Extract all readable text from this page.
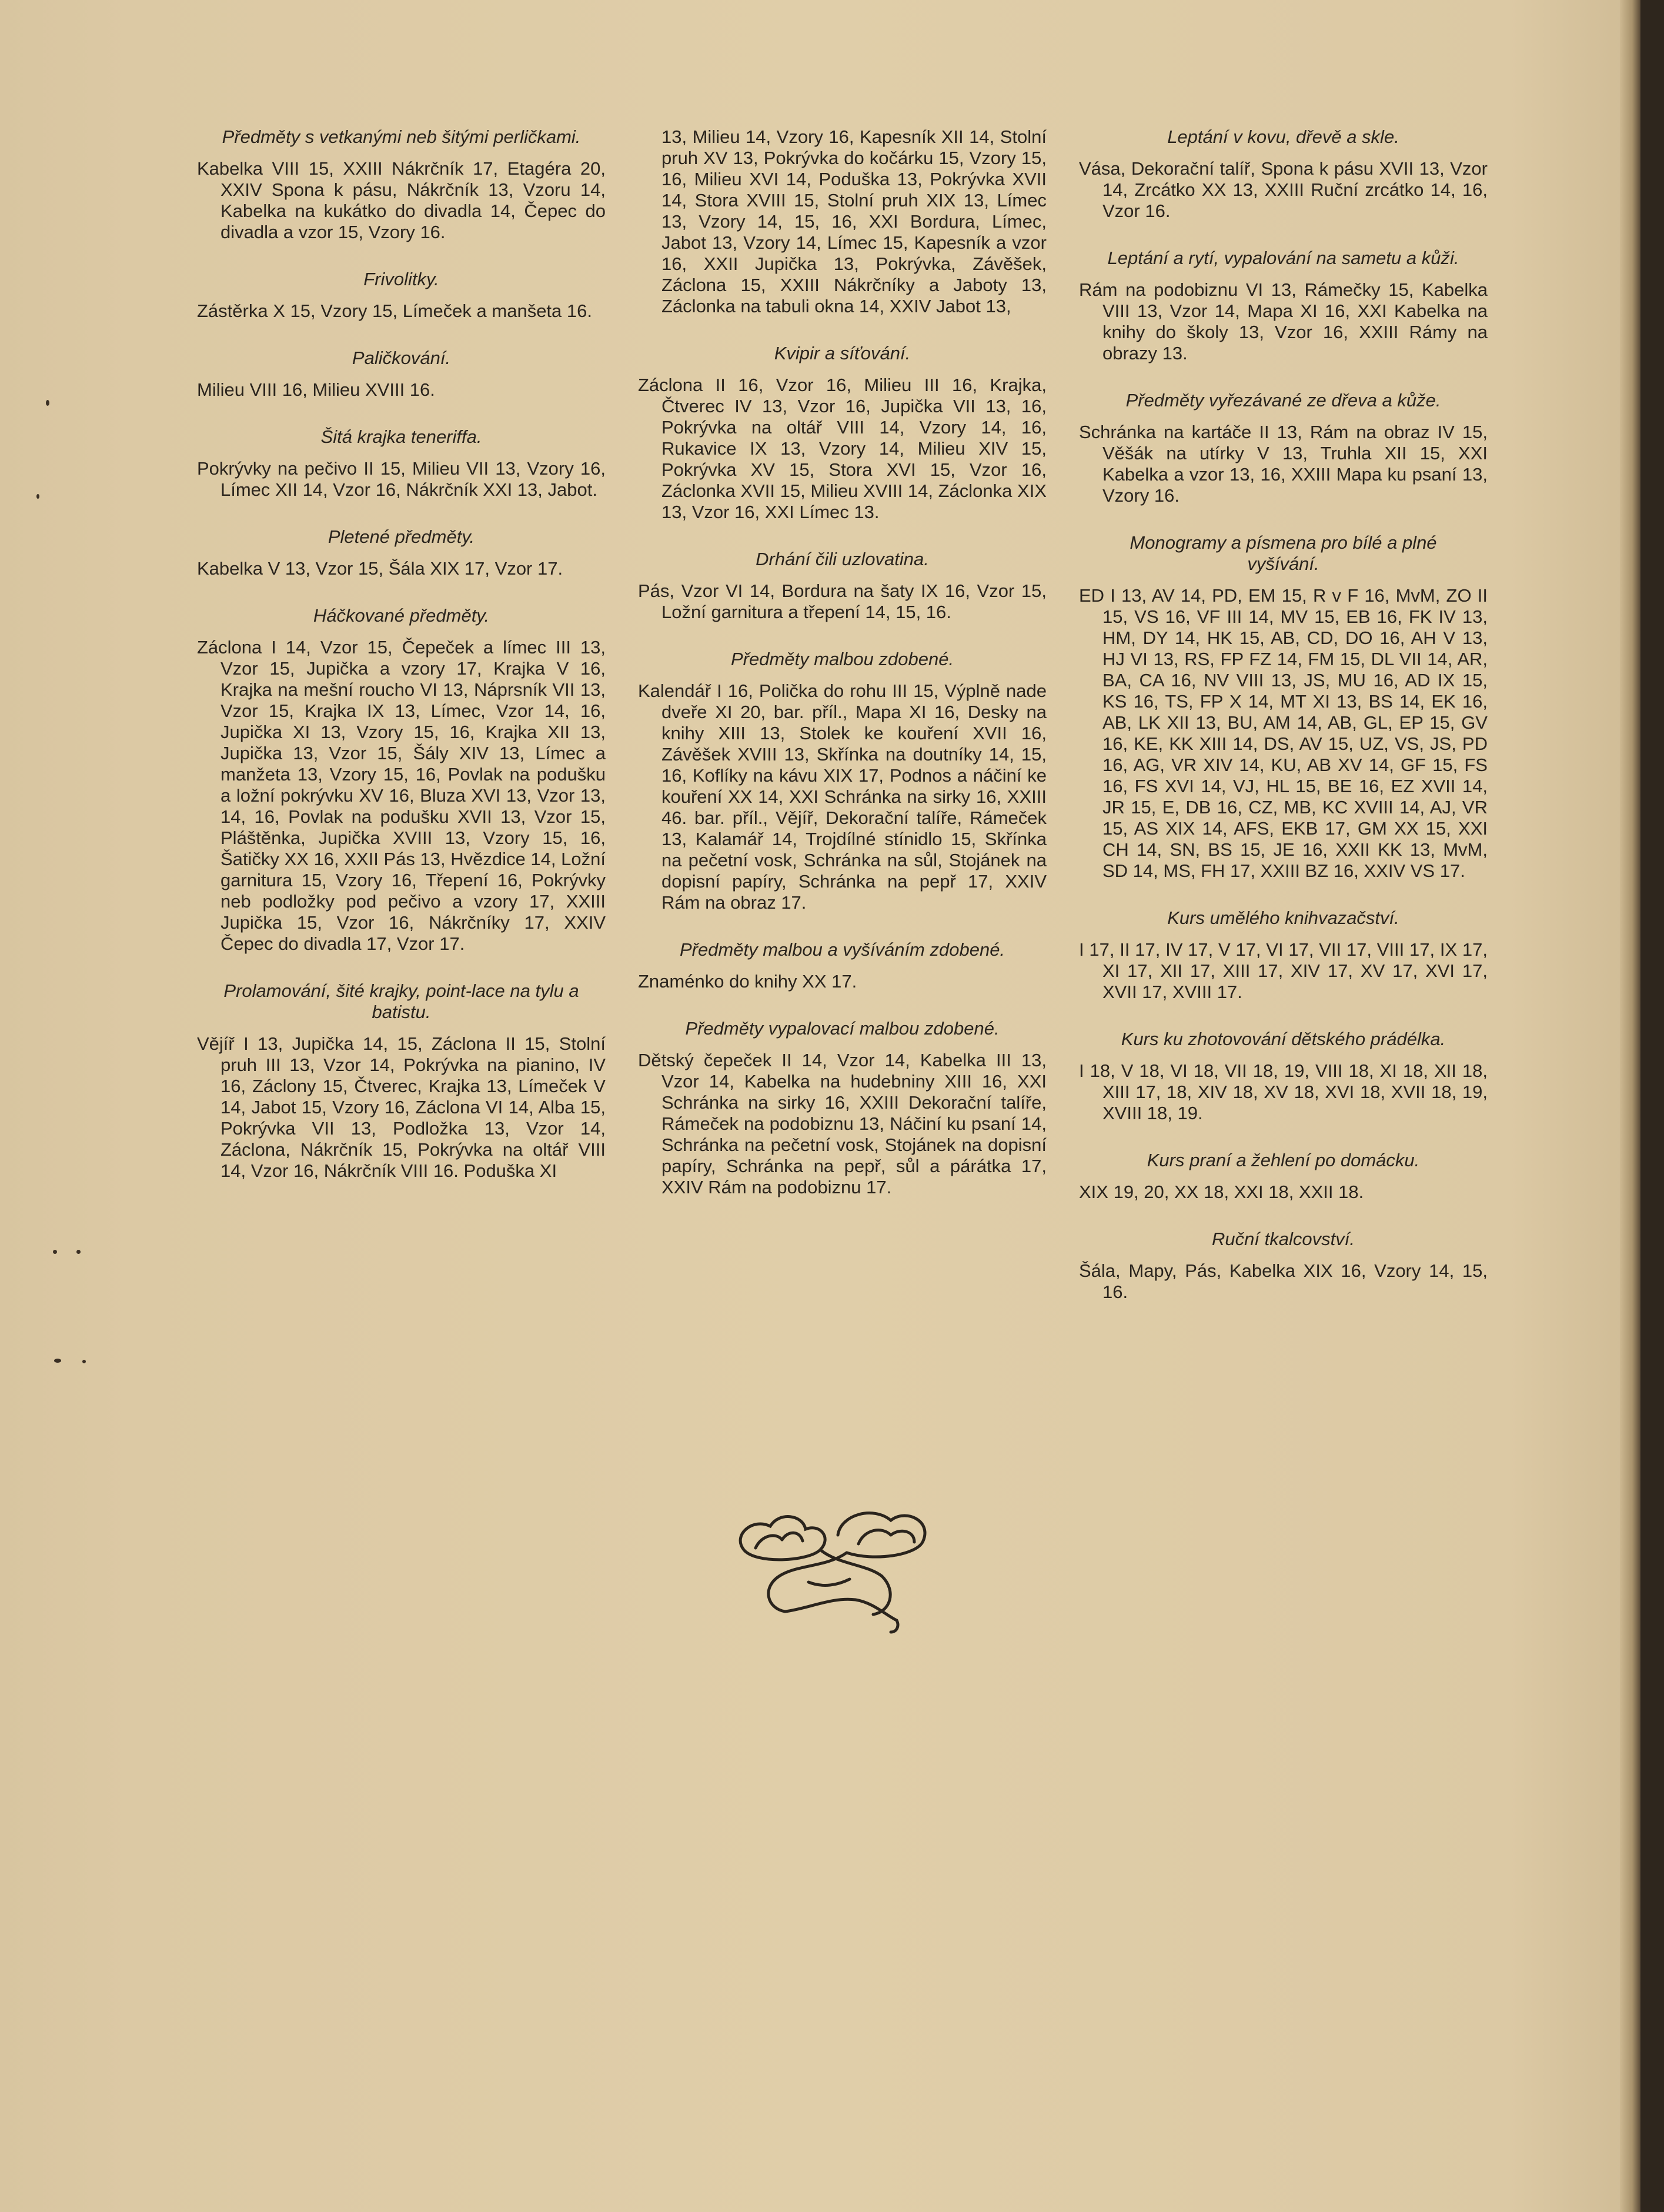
Předměty s vetkanými neb šitými perličkami.
Kabelka VIII 15, XXIII Nákrčník 17, Etagéra 20, XXIV Spona k pásu, Nákrčník 13, Vzoru 14, Kabelka na kukátko do divadla 14, Čepec do divadla a vzor 15, Vzory 16.
Frivolitky.
Zástěrka X 15, Vzory 15, Límeček a manšeta 16.
Paličkování.
Milieu VIII 16, Milieu XVIII 16.
Šitá krajka teneriffa.
Pokrývky na pečivo II 15, Milieu VII 13, Vzory 16, Límec XII 14, Vzor 16, Nákrčník XXI 13, Jabot.
Pletené předměty.
Kabelka V 13, Vzor 15, Šála XIX 17, Vzor 17.
Háčkované předměty.
Záclona I 14, Vzor 15, Čepeček a límec III 13, Vzor 15, Jupička a vzory 17, Krajka V 16, Krajka na mešní roucho VI 13, Náprsník VII 13, Vzor 15, Krajka IX 13, Límec, Vzor 14, 16, Jupička XI 13, Vzory 15, 16, Krajka XII 13, Jupička 13, Vzor 15, Šály XIV 13, Límec a manžeta 13, Vzory 15, 16, Povlak na podušku a ložní pokrývku XV 16, Bluza XVI 13, Vzor 13, 14, 16, Povlak na podušku XVII 13, Vzor 15, Pláštěnka, Jupička XVIII 13, Vzory 15, 16, Šatičky XX 16, XXII Pás 13, Hvězdice 14, Ložní garnitura 15, Vzory 16, Třepení 16, Pokrývky neb podložky pod pečivo a vzory 17, XXIII Jupička 15, Vzor 16, Nákrčníky 17, XXIV Čepec do divadla 17, Vzor 17.
Prolamování, šité krajky, point-lace na tylu a batistu.
Vějíř I 13, Jupička 14, 15, Záclona II 15, Stolní pruh III 13, Vzor 14, Pokrývka na pianino, IV 16, Záclony 15, Čtverec, Krajka 13, Límeček V 14, Jabot 15, Vzory 16, Záclona VI 14, Alba 15, Pokrývka VII 13, Podložka 13, Vzor 14, Záclona, Nákrčník 15, Pokrývka na oltář VIII 14, Vzor 16, Nákrčník VIII 16. Poduška XI
13, Milieu 14, Vzory 16, Kapesník XII 14, Stolní pruh XV 13, Pokrývka do kočárku 15, Vzory 15, 16, Milieu XVI 14, Poduška 13, Pokrývka XVII 14, Stora XVIII 15, Stolní pruh XIX 13, Límec 13, Vzory 14, 15, 16, XXI Bordura, Límec, Jabot 13, Vzory 14, Límec 15, Kapesník a vzor 16, XXII Jupička 13, Pokrývka, Závěšek, Záclona 15, XXIII Nákrčníky a Jaboty 13, Záclonka na tabuli okna 14, XXIV Jabot 13,
Kvipir a síťování.
Záclona II 16, Vzor 16, Milieu III 16, Krajka, Čtverec IV 13, Vzor 16, Jupička VII 13, 16, Pokrývka na oltář VIII 14, Vzory 14, 16, Rukavice IX 13, Vzory 14, Milieu XIV 15, Pokrývka XV 15, Stora XVI 15, Vzor 16, Záclonka XVII 15, Milieu XVIII 14, Záclonka XIX 13, Vzor 16, XXI Límec 13.
Drhání čili uzlovatina.
Pás, Vzor VI 14, Bordura na šaty IX 16, Vzor 15, Ložní garnitura a třepení 14, 15, 16.
Předměty malbou zdobené.
Kalendář I 16, Polička do rohu III 15, Výplně nade dveře XI 20, bar. příl., Mapa XI 16, Desky na knihy XIII 13, Stolek ke kouření XVII 16, Závěšek XVIII 13, Skřínka na doutníky 14, 15, 16, Koflíky na kávu XIX 17, Podnos a náčiní ke kouření XX 14, XXI Schránka na sirky 16, XXIII 46. bar. příl., Vějíř, Dekorační talíře, Rámeček 13, Kalamář 14, Trojdílné stínidlo 15, Skřínka na pečetní vosk, Schránka na sůl, Stojánek na dopisní papíry, Schránka na pepř 17, XXIV Rám na obraz 17.
Předměty malbou a vyšíváním zdobené.
Znaménko do knihy XX 17.
Předměty vypalovací malbou zdobené.
Dětský čepeček II 14, Vzor 14, Kabelka III 13, Vzor 14, Kabelka na hudebniny XIII 16, XXI Schránka na sirky 16, XXIII Dekorační talíře, Rámeček na podobiznu 13, Náčiní ku psaní 14, Schránka na pečetní vosk, Stojánek na dopisní papíry, Schránka na pepř, sůl a párátka 17, XXIV Rám na podobiznu 17.
Leptání v kovu, dřevě a skle.
Vása, Dekorační talíř, Spona k pásu XVII 13, Vzor 14, Zrcátko XX 13, XXIII Ruční zrcátko 14, 16, Vzor 16.
Leptání a rytí, vypalování na sametu a kůži.
Rám na podobiznu VI 13, Rámečky 15, Kabelka VIII 13, Vzor 14, Mapa XI 16, XXI Kabelka na knihy do školy 13, Vzor 16, XXIII Rámy na obrazy 13.
Předměty vyřezávané ze dřeva a kůže.
Schránka na kartáče II 13, Rám na obraz IV 15, Věšák na utírky V 13, Truhla XII 15, XXI Kabelka a vzor 13, 16, XXIII Mapa ku psaní 13, Vzory 16.
Monogramy a písmena pro bílé a plné vyšívání.
ED I 13, AV 14, PD, EM 15, R v F 16, MvM, ZO II 15, VS 16, VF III 14, MV 15, EB 16, FK IV 13, HM, DY 14, HK 15, AB, CD, DO 16, AH V 13, HJ VI 13, RS, FP FZ 14, FM 15, DL VII 14, AR, BA, CA 16, NV VIII 13, JS, MU 16, AD IX 15, KS 16, TS, FP X 14, MT XI 13, BS 14, EK 16, AB, LK XII 13, BU, AM 14, AB, GL, EP 15, GV 16, KE, KK XIII 14, DS, AV 15, UZ, VS, JS, PD 16, AG, VR XIV 14, KU, AB XV 14, GF 15, FS 16, FS XVI 14, VJ, HL 15, BE 16, EZ XVII 14, JR 15, E, DB 16, CZ, MB, KC XVIII 14, AJ, VR 15, AS XIX 14, AFS, EKB 17, GM XX 15, XXI CH 14, SN, BS 15, JE 16, XXII KK 13, MvM, SD 14, MS, FH 17, XXIII BZ 16, XXIV VS 17.
Kurs umělého knihvazačství.
I 17, II 17, IV 17, V 17, VI 17, VII 17, VIII 17, IX 17, XI 17, XII 17, XIII 17, XIV 17, XV 17, XVI 17, XVII 17, XVIII 17.
Kurs ku zhotovování dětského prádélka.
I 18, V 18, VI 18, VII 18, 19, VIII 18, XI 18, XII 18, XIII 17, 18, XIV 18, XV 18, XVI 18, XVII 18, 19, XVIII 18, 19.
Kurs praní a žehlení po domácku.
XIX 19, 20, XX 18, XXI 18, XXII 18.
Ruční tkalcovství.
Šála, Mapy, Pás, Kabelka XIX 16, Vzory 14, 15, 16.
